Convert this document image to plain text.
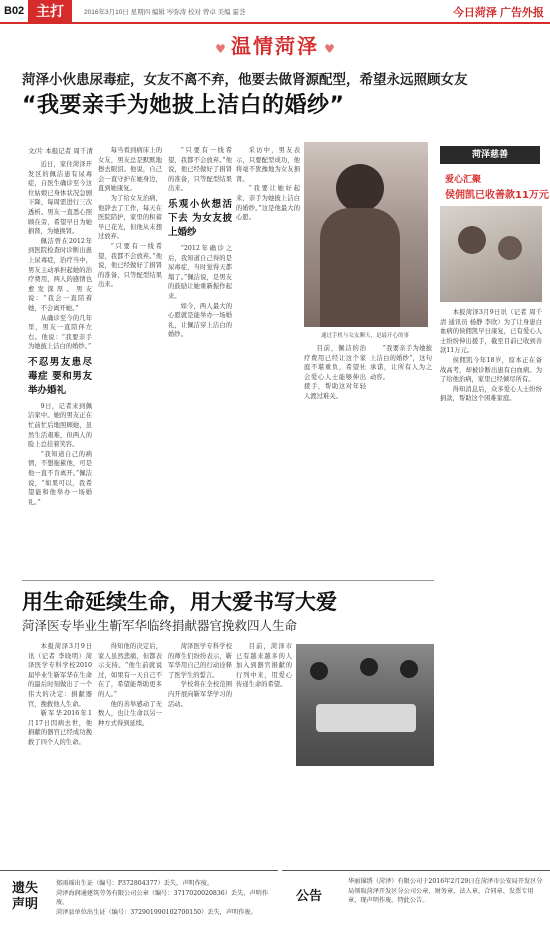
B02 主打	2016年3月10日 星期四 编辑 岑弥涛 校对 曾卓 美编 霍荟	今日菏泽 广告外报
♥ 温情菏泽 ♥
菏泽小伙患尿毒症，女友不离不弃，他要去做肾源配型，希望永远照顾女友
“我要亲手为她披上洁白的婚纱”
文/片 本报记者 周千清

近日，家住菏泽开发区的佩洁患有尿毒症，自医生确诊至今这位姑娘已身体状况急剧下降，每周需进行三次透析。男友一直悉心照顾在旁，希望早日为她捐肾，为她换肾。

佩洁曾在2012年到医院检查时诊断出患上尿毒症，治疗当中，男友主动承担起她的治疗费用，两人的感情也愈发深厚。男友说：“我会一直陪着她，不会离开她。”

从确诊至今的几年里，男友一直陪伴左右。他说：“我要亲手为她披上洁白的婚纱。”

不忍男友患尽毒症 要和男友举办婚礼

9日，记者来到佩洁家中。她的男友正在忙前忙后地照顾她，虽然生活艰难，但两人的脸上总挂着笑容。

“我知道自己的病情，不想拖累他，可是他一直不肯离开。”佩洁说，“如果可以，我希望能和他举办一场婚礼。”

每当看到病床上的女友，男友总是默默地擦去眼泪。他说，自己会一直守护在她身边，直到她康复。

为了给女友治病，他辞去了工作，每天在医院陪护，家里的积蓄早已花光，但他从未想过放弃。

“只要有一线希望，我都不会放弃。”他说，他已经做好了捐肾的准备，只等配型结果出来。

“只要有一线希望，我都不会放弃。”他说，他已经做好了捐肾的准备，只等配型结果出来。

乐观小伙想活下去 为女友披上婚纱

“2012年确诊之后，我知道自己得的是尿毒症，当时觉得天都塌了。”佩洁说，是男友的鼓励让她重新振作起来。

如今，两人最大的心愿就是能举办一场婚礼，让佩洁穿上洁白的婚纱。

采访中，男友表示，只要配型成功，他将毫不犹豫地为女友捐肾。

“我要让她好起来，亲手为她披上洁白的婚纱。”这是他最大的心愿。

通过手机与女友聊天，是最开心的事

目前，佩洁的治疗费用已经让这个家庭不堪重负，希望社会爱心人士能够伸出援手，帮助这对年轻人渡过难关。

“我要亲手为她披上洁白的婚纱”，这句承诺，让所有人为之动容。

菏泽慈善
爱心汇聚
侯佣凯已收善款11万元

本报菏泽3月9日讯（记者 周千清 通讯员 杨静 李欣）为了让身患白血病的侯佣凯早日康复，已有爱心人士纷纷伸出援手，截至目前已收到善款11万元。

侯佣凯今年18岁，原本正在备战高考，却被诊断出患有白血病。为了给他治病，家里已经倾尽所有。

得知消息后，众多爱心人士纷纷捐款，帮助这个困难家庭。

用生命延续生命，用大爱书写大爱
菏泽医专毕业生靳军华临终捐献器官挽救四人生命

本报菏泽3月9日讯（记者 李晓明）菏泽医学专科学校2010届毕业生靳军华在生命的最后时刻做出了一个伟大的决定：捐献器官，挽救他人生命。

靳军华2016年1月17日因病去世，他捐献的器官已经成功挽救了四个人的生命。

得知他的决定后，家人虽然悲痛，但都表示支持。“他生前就说过，如果有一天自己不在了，希望能帮助更多的人。”

他的善举感动了无数人，也让生命以另一种方式得到延续。

菏泽医学专科学校的师生们纷纷表示，靳军华用自己的行动诠释了医学生的誓言。

学校将在全校范围内开展向靳军华学习的活动。

目前，菏泽市已有越来越多的人加入到器官捐献的行列中来，用爱心传递生命的希望。

遗失声明
郑雨瑶出生证（编号：P372804377）丢失，声明作废。
菏泽海润通建筑劳务有限公司公章（编号：3717020020836）丢失，声明作废。
菏泽县单位出生证（编号：372901990102700150）丢失，声明作废。
公告
华丽锦绣（菏泽）有限公司于2016年2月29日在菏泽市公安局开发区分局领取菏泽开发区分公司公章、财务章、法人章、合同章、发票专用章，现声明作废。特此公告。
